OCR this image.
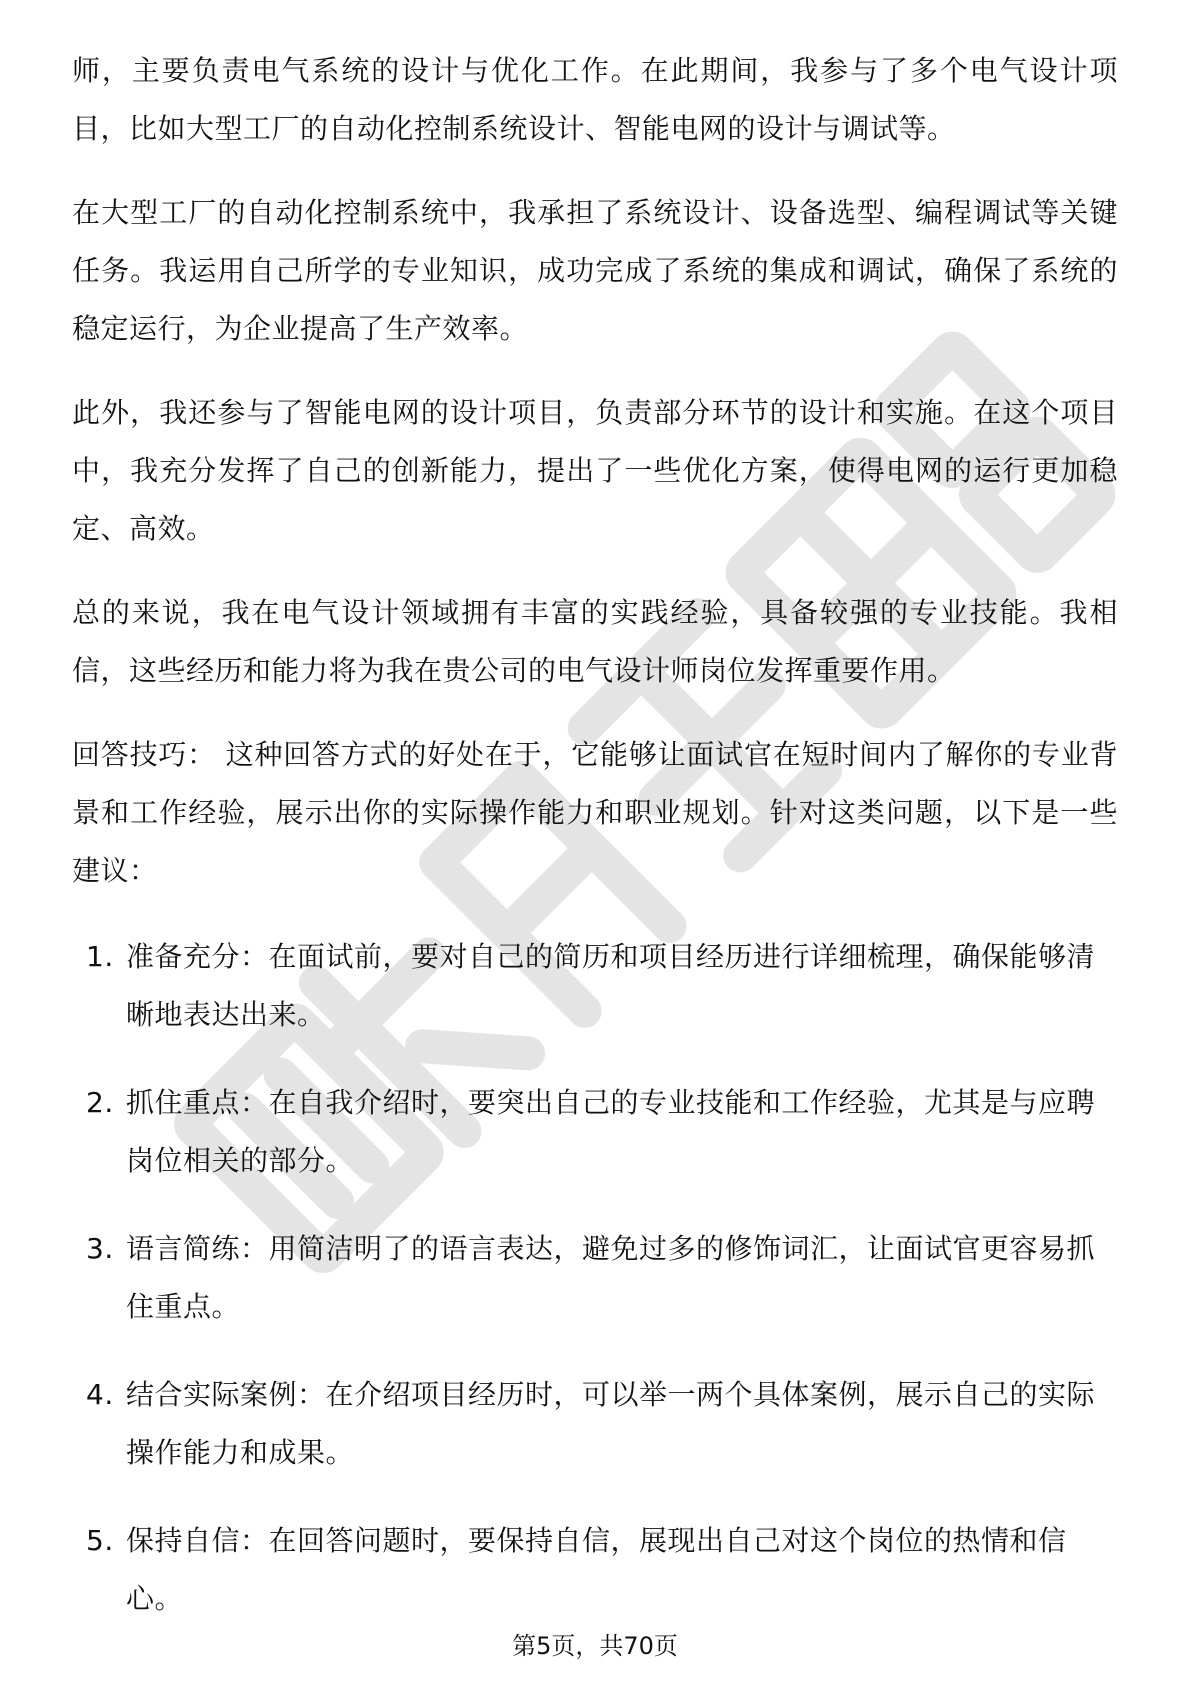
师，主要负责电气系统的设计与优化工作。在此期间，我参与了多个电气设计项目，比如大型工厂的自动化控制系统设计、智能电网的设计与调试等。

在大型工厂的自动化控制系统中，我承担了系统设计、设备选型、编程调试等关键任务。我运用自己所学的专业知识，成功完成了系统的集成和调试，确保了系统的稳定运行，为企业提高了生产效率。

此外，我还参与了智能电网的设计项目，负责部分环节的设计和实施。在这个项目中，我充分发挥了自己的创新能力，提出了一些优化方案，使得电网的运行更加稳定、高效。

总的来说，我在电气设计领域拥有丰富的实践经验，具备较强的专业技能。我相信，这些经历和能力将为我在贵公司的电气设计师岗位发挥重要作用。

回答技巧： 这种回答方式的好处在于，它能够让面试官在短时间内了解你的专业背景和工作经验，展示出你的实际操作能力和职业规划。针对这类问题，以下是一些建议：

1. 准备充分：在面试前，要对自己的简历和项目经历进行详细梳理，确保能够清晰地表达出来。
2. 抓住重点：在自我介绍时，要突出自己的专业技能和工作经验，尤其是与应聘岗位相关的部分。
3. 语言简练：用简洁明了的语言表达，避免过多的修饰词汇，让面试官更容易抓住重点。
4. 结合实际案例：在介绍项目经历时，可以举一两个具体案例，展示自己的实际操作能力和成果。
5. 保持自信：在回答问题时，要保持自信，展现出自己对这个岗位的热情和信心。
第5页，共70页
